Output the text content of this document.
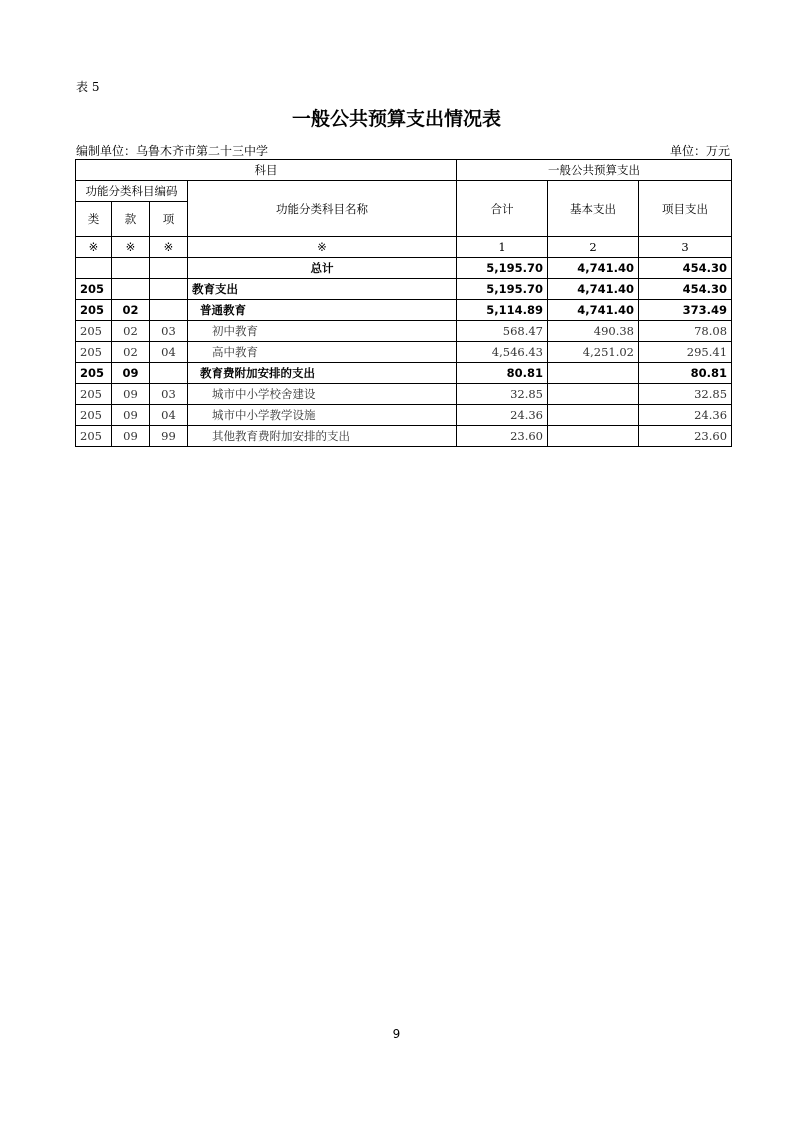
表 5
一般公共预算支出情况表
编制单位：乌鲁木齐市第二十三中学	单位：万元
科目				一般公共预算支出		
功能分类科目编码			功能分类科目名称	合计	基本支出	项目支出
类	款	项				
※	※	※	※	1	2	3
			总计	5,195.70	4,741.40	454.30
205			教育支出	5,195.70	4,741.40	454.30
205	02		普通教育	5,114.89	4,741.40	373.49
205	02	03	初中教育	568.47	490.38	78.08
205	02	04	高中教育	4,546.43	4,251.02	295.41
205	09		教育费附加安排的支出	80.81		80.81
205	09	03	城市中小学校舍建设	32.85		32.85
205	09	04	城市中小学教学设施	24.36		24.36
205	09	99	其他教育费附加安排的支出	23.60		23.60
9
